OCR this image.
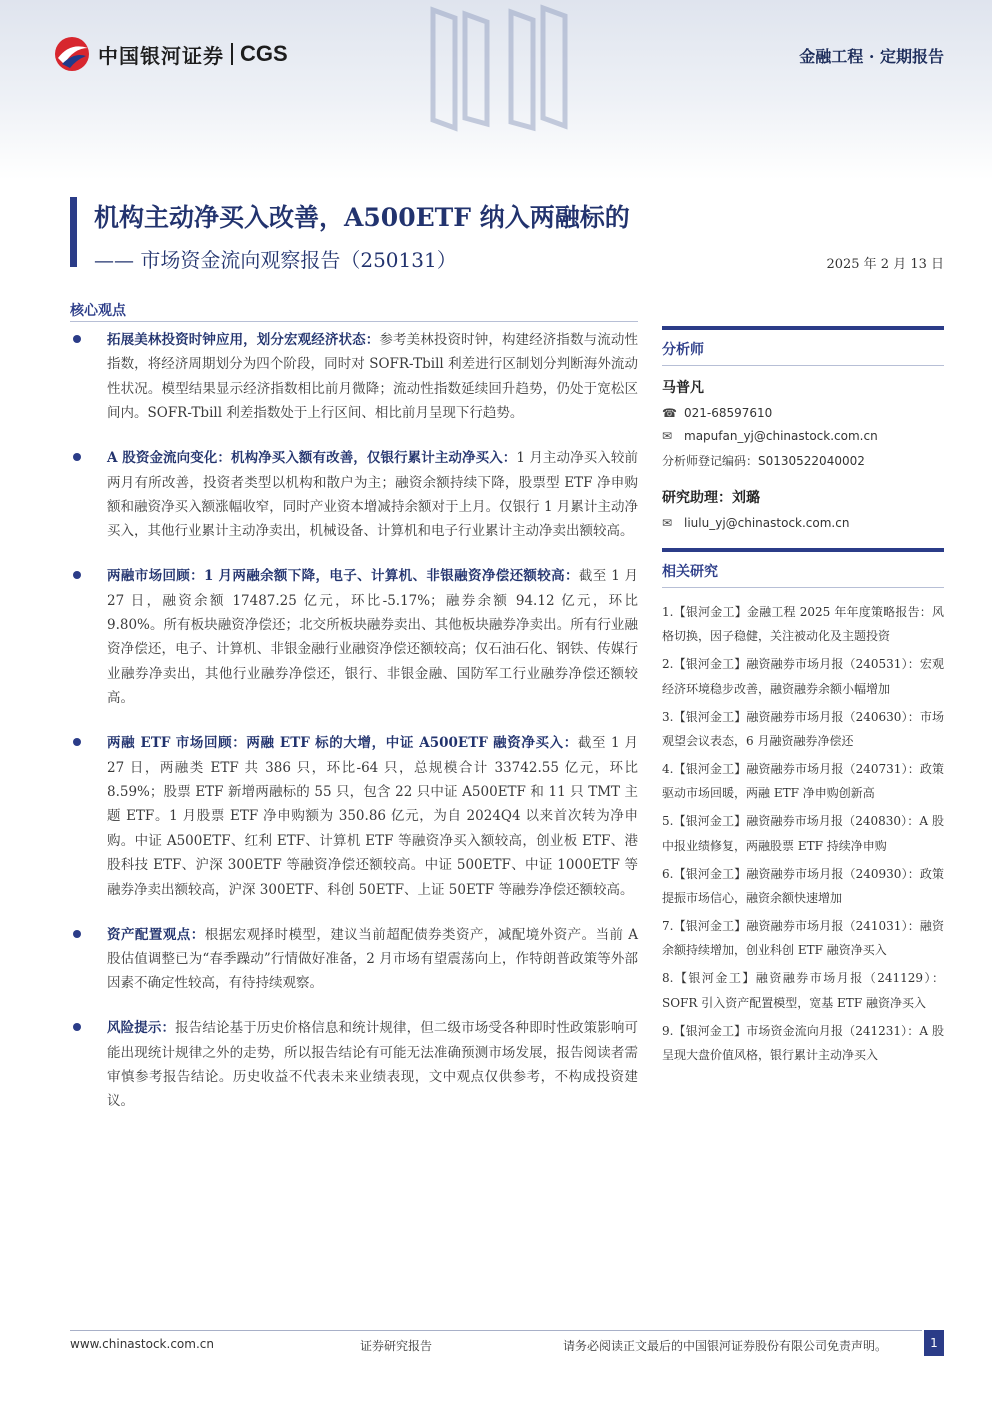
中国银河证券 CGS	金融工程 · 定期报告
机构主动净买入改善，A500ETF 纳入两融标的
—— 市场资金流向观察报告（250131）	2025 年 2 月 13 日
核心观点
拓展美林投资时钟应用，划分宏观经济状态：参考美林投资时钟，构建经济指数与流动性指数，将经济周期划分为四个阶段，同时对 SOFR-Tbill 利差进行区制划分判断海外流动性状况。模型结果显示经济指数相比前月微降；流动性指数延续回升趋势，仍处于宽松区间内。SOFR-Tbill 利差指数处于上行区间、相比前月呈现下行趋势。
A 股资金流向变化：机构净买入额有改善，仅银行累计主动净买入：1 月主动净买入较前两月有所改善，投资者类型以机构和散户为主；融资余额持续下降，股票型 ETF 净申购额和融资净买入额涨幅收窄，同时产业资本增减持余额对于上月。仅银行 1 月累计主动净买入，其他行业累计主动净卖出，机械设备、计算机和电子行业累计主动净卖出额较高。
两融市场回顾：1 月两融余额下降，电子、计算机、非银融资净偿还额较高：截至 1 月 27 日，融资余额 17487.25 亿元，环比-5.17%；融券余额 94.12 亿元，环比 9.80%。所有板块融资净偿还；北交所板块融券卖出、其他板块融券净卖出。所有行业融资净偿还，电子、计算机、非银金融行业融资净偿还额较高；仅石油石化、钢铁、传媒行业融券净卖出，其他行业融券净偿还，银行、非银金融、国防军工行业融券净偿还额较高。
两融 ETF 市场回顾：两融 ETF 标的大增，中证 A500ETF 融资净买入：截至 1 月 27 日，两融类 ETF 共 386 只，环比-64 只，总规模合计 33742.55 亿元，环比 8.59%；股票 ETF 新增两融标的 55 只，包含 22 只中证 A500ETF 和 11 只 TMT 主题 ETF。1 月股票 ETF 净申购额为 350.86 亿元，为自 2024Q4 以来首次转为净申购。中证 A500ETF、红利 ETF、计算机 ETF 等融资净买入额较高，创业板 ETF、港股科技 ETF、沪深 300ETF 等融资净偿还额较高。中证 500ETF、中证 1000ETF 等融券净卖出额较高，沪深 300ETF、科创 50ETF、上证 50ETF 等融券净偿还额较高。
资产配置观点：根据宏观择时模型，建议当前超配债券类资产，减配境外资产。当前 A 股估值调整已为“春季躁动”行情做好准备，2 月市场有望震荡向上，作特朗普政策等外部因素不确定性较高，有待持续观察。
风险提示：报告结论基于历史价格信息和统计规律，但二级市场受各种即时性政策影响可能出现统计规律之外的走势，所以报告结论有可能无法准确预测市场发展，报告阅读者需审慎参考报告结论。历史收益不代表未来业绩表现，文中观点仅供参考，不构成投资建议。
分析师
马普凡
☎ 021-68597610
✉ mapufan_yj@chinastock.com.cn
分析师登记编码：S0130522040002
研究助理：刘璐
✉ liulu_yj@chinastock.com.cn
相关研究
1.【银河金工】金融工程 2025 年年度策略报告：风格切换，因子稳健，关注被动化及主题投资
2.【银河金工】融资融券市场月报（240531）：宏观经济环境稳步改善，融资融券余额小幅增加
3.【银河金工】融资融券市场月报（240630）：市场观望会议表态，6 月融资融券净偿还
4.【银河金工】融资融券市场月报（240731）：政策驱动市场回暖，两融 ETF 净申购创新高
5.【银河金工】融资融券市场月报（240830）：A 股中报业绩修复，两融股票 ETF 持续净申购
6.【银河金工】融资融券市场月报（240930）：政策提振市场信心，融资余额快速增加
7.【银河金工】融资融券市场月报（241031）：融资余额持续增加，创业科创 ETF 融资净买入
8.【银河金工】融资融券市场月报（241129）：SOFR 引入资产配置模型，宽基 ETF 融资净买入
9.【银河金工】市场资金流向月报（241231）：A 股呈现大盘价值风格，银行累计主动净买入
www.chinastock.com.cn	证券研究报告	请务必阅读正文最后的中国银河证券股份有限公司免责声明。	1
